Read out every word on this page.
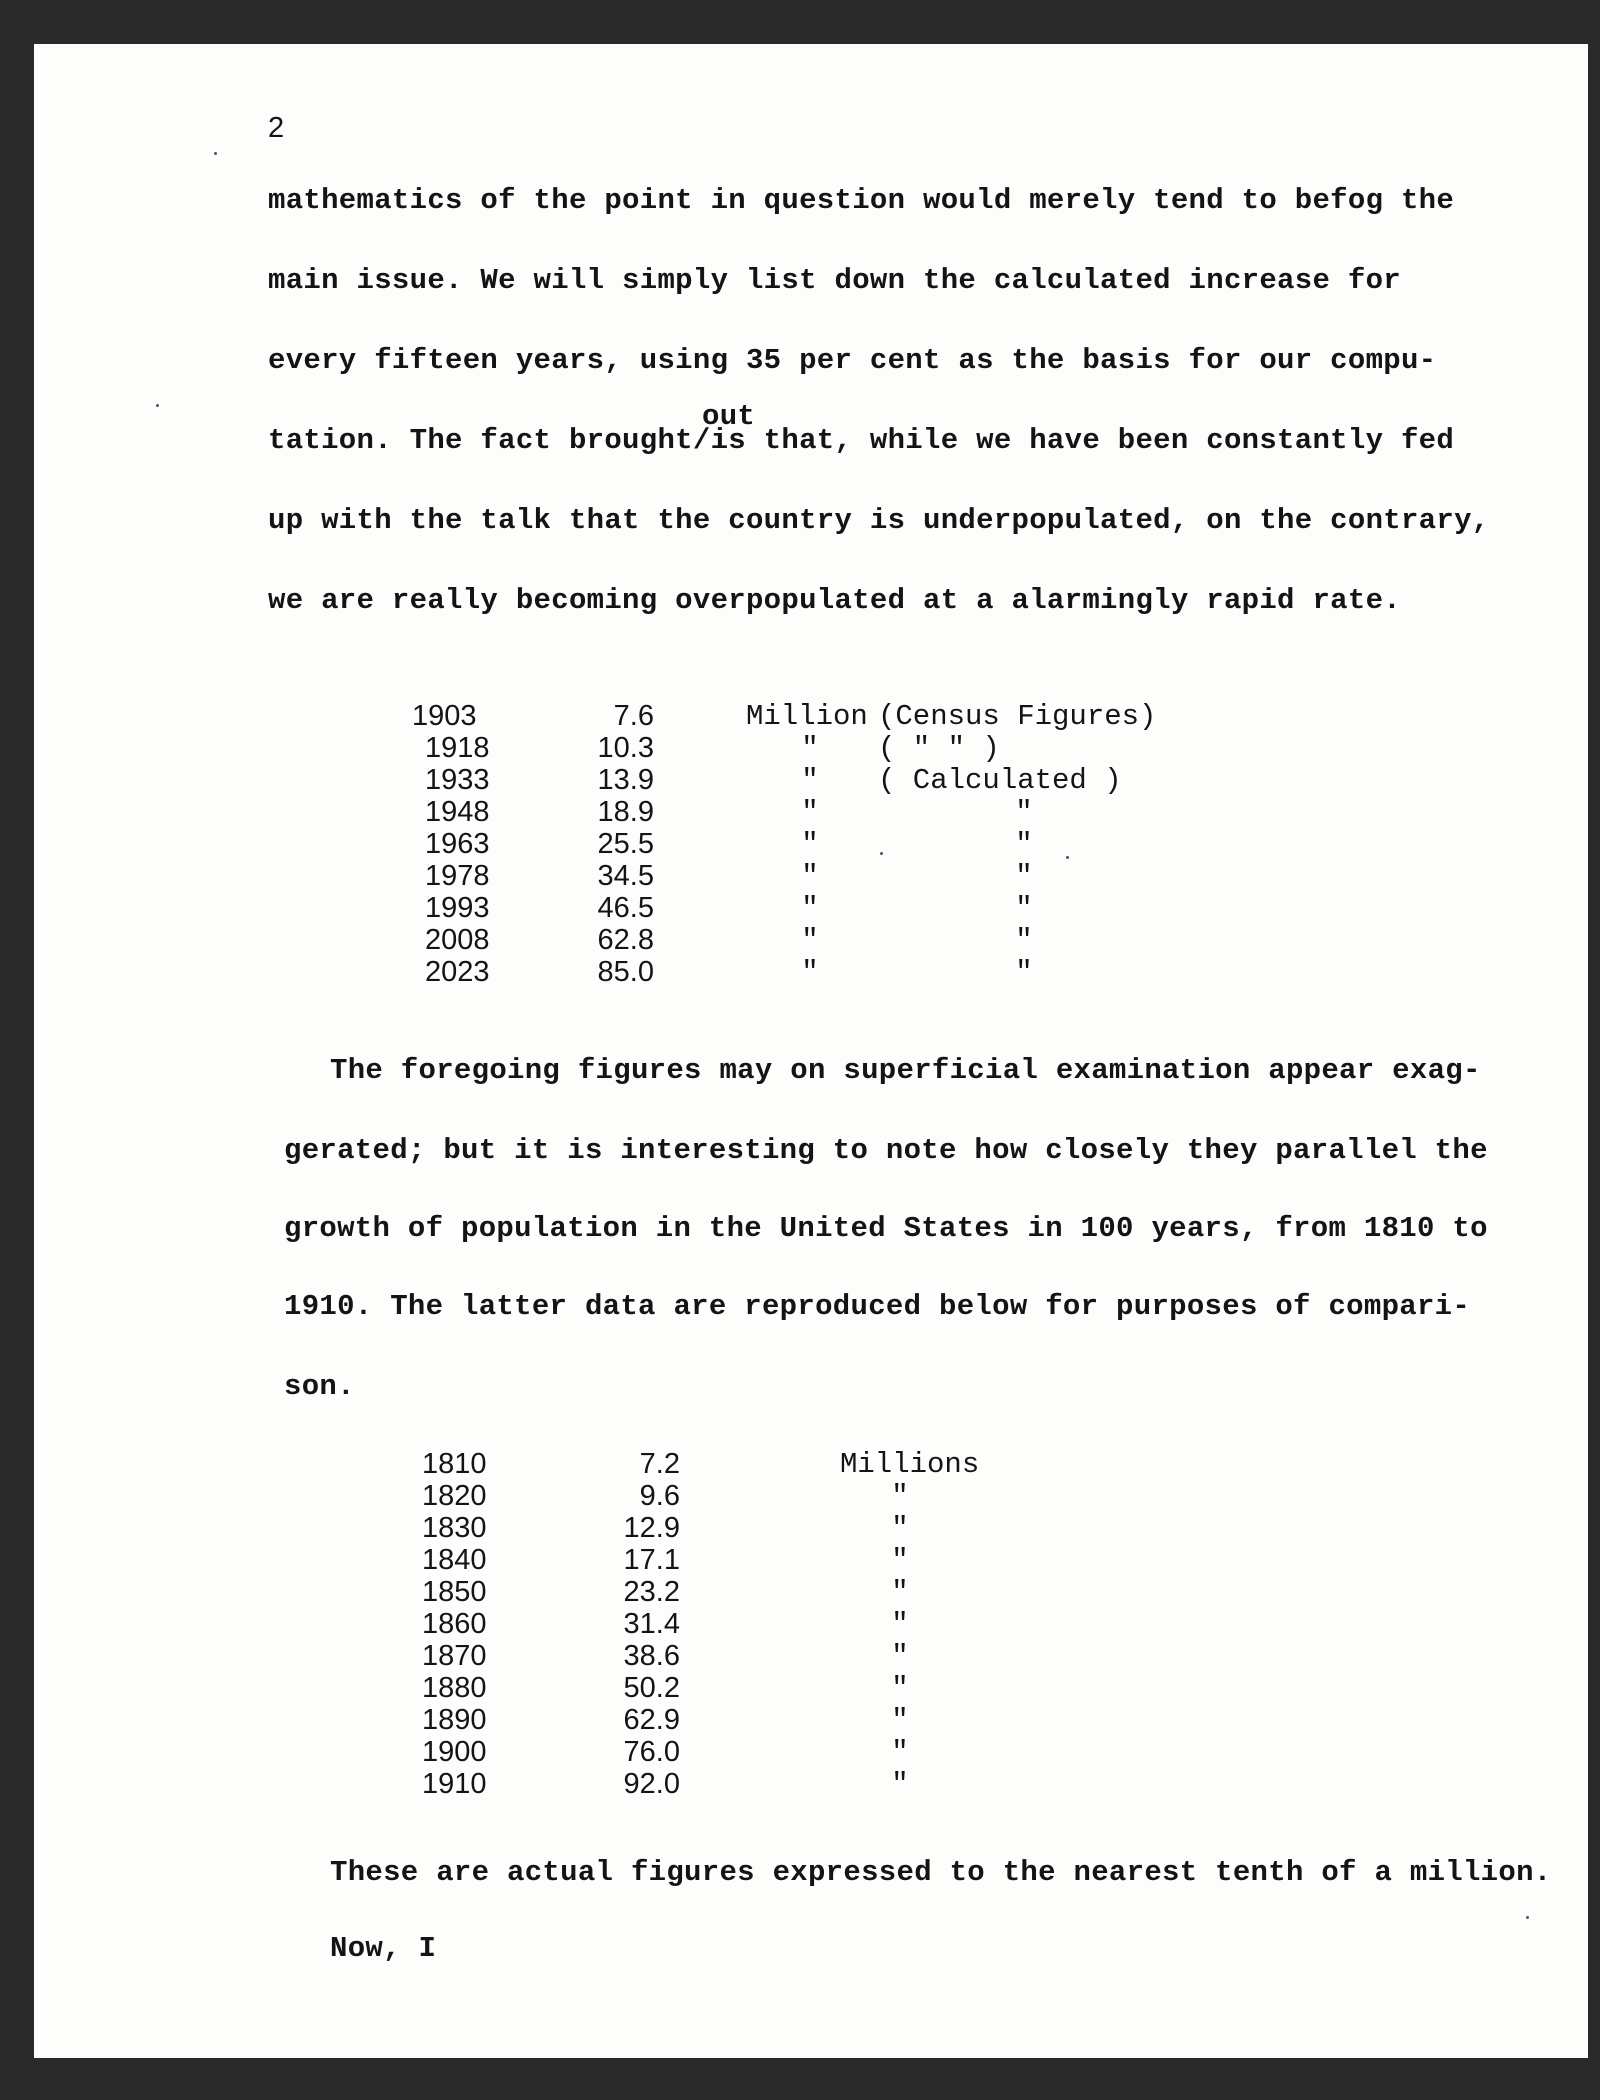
2
mathematics of the point in question would merely tend to befog the
main issue. We will simply list down the calculated increase for
every fifteen years, using 35 per cent as the basis for our compu-
out
tation. The fact brought/is that, while we have been constantly fed
up with the talk that the country is underpopulated, on the contrary,
we are really becoming overpopulated at a alarmingly rapid rate.
1903	7.6	Million (Census Figures)
1918	10.3	"	( " " )
1933	13.9	"	( Calculated )
1948	18.9	"	"
1963	25.5	"	"
1978	34.5	"	"
1993	46.5	"	"
2008	62.8	"	"
2023	85.0	"	"
The foregoing figures may on superficial examination appear exag-
gerated; but it is interesting to note how closely they parallel the
growth of population in the United States in 100 years, from 1810 to
1910. The latter data are reproduced below for purposes of compari-
son.
1810	7.2	Millions
1820	9.6	"
1830	12.9	"
1840	17.1	"
1850	23.2	"
1860	31.4	"
1870	38.6	"
1880	50.2	"
1890	62.9	"
1900	76.0	"
1910	92.0	"
These are actual figures expressed to the nearest tenth of a million.
Now, I
